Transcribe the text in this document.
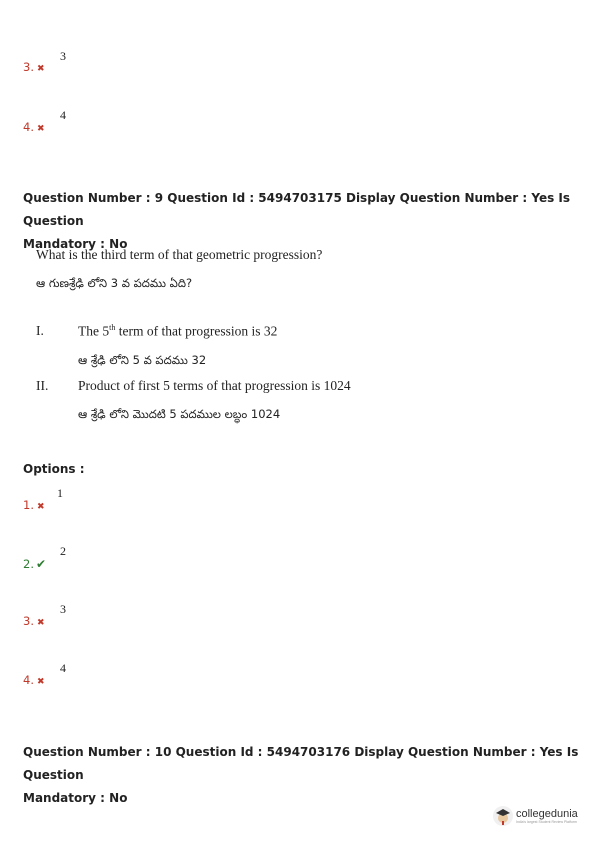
3. ✖
3
4. ✖
4
Question Number : 9 Question Id : 5494703175 Display Question Number : Yes Is Question
Mandatory : No
What is the third term of that geometric progression?
ఆ గుణశ్రేఢి లోని 3 వ పదము ఏది?
I.	The 5th term of that progression is 32
ఆ శ్రేఢి లోని 5 వ పదము 32
II. Product of first 5 terms of that progression is 1024
ఆ శ్రేఢి లోని మొదటి 5 పదముల లబ్ధం 1024
Options :
1. ✖
1
2. ✔
2
3. ✖
3
4. ✖
4
Question Number : 10 Question Id : 5494703176 Display Question Number : Yes Is Question
Mandatory : No
collegedunia
India's largest Student Review Platform
